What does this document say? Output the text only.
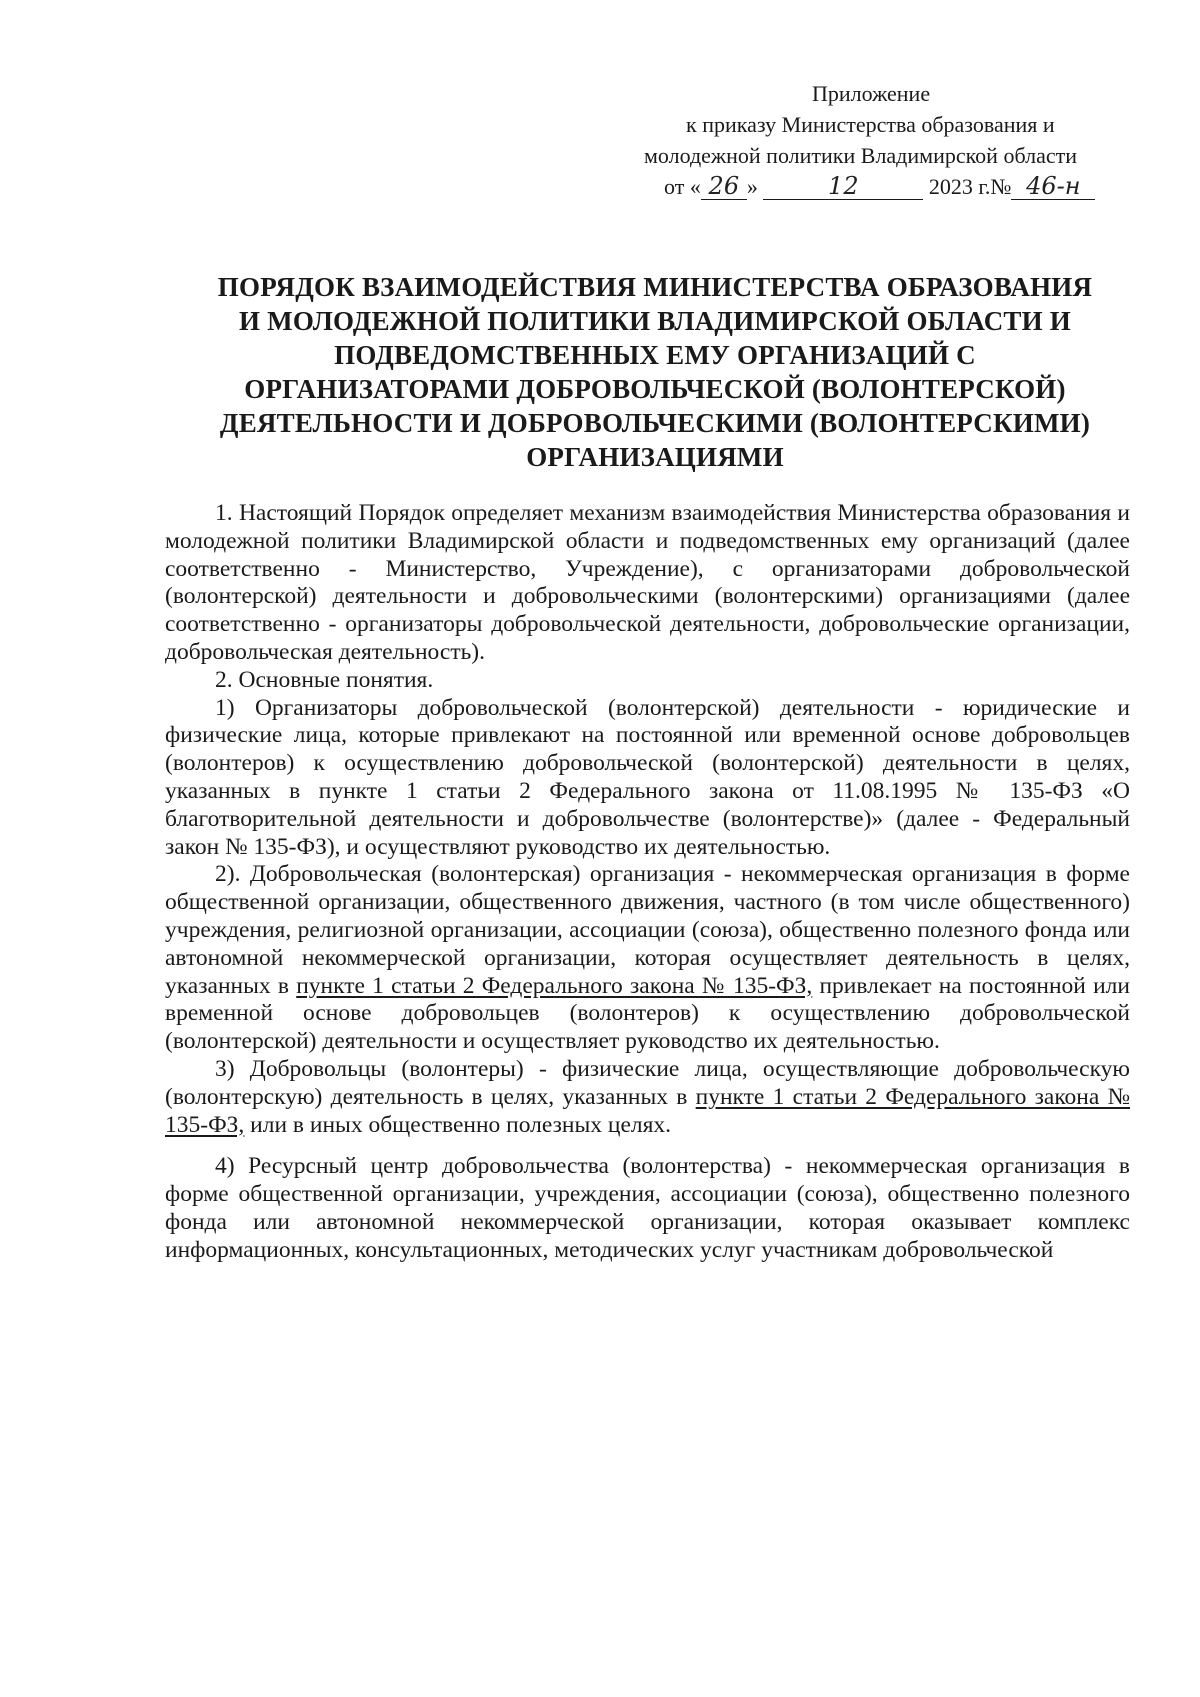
Приложение
к приказу Министерства образования и
молодежной политики Владимирской области
от « 26 »	12	2023 г.№ 46-н
ПОРЯДОК ВЗАИМОДЕЙСТВИЯ МИНИСТЕРСТВА ОБРАЗОВАНИЯ
И МОЛОДЕЖНОЙ ПОЛИТИКИ ВЛАДИМИРСКОЙ ОБЛАСТИ И
ПОДВЕДОМСТВЕННЫХ ЕМУ ОРГАНИЗАЦИЙ С
ОРГАНИЗАТОРАМИ ДОБРОВОЛЬЧЕСКОЙ (ВОЛОНТЕРСКОЙ)
ДЕЯТЕЛЬНОСТИ И ДОБРОВОЛЬЧЕСКИМИ (ВОЛОНТЕРСКИМИ)
ОРГАНИЗАЦИЯМИ

1. Настоящий Порядок определяет механизм взаимодействия Министерства образования и молодежной политики Владимирской области и подведомственных ему организаций (далее соответственно - Министерство, Учреждение), с организаторами добровольческой (волонтерской) деятельности и добровольческими (волонтерскими) организациями (далее соответственно - организаторы добровольческой деятельности, добровольческие организации, добровольческая деятельность).

2. Основные понятия.

1) Организаторы добровольческой (волонтерской) деятельности - юридические и физические лица, которые привлекают на постоянной или временной основе добровольцев (волонтеров) к осуществлению добровольческой (волонтерской) деятельности в целях, указанных в пункте 1 статьи 2 Федерального закона от 11.08.1995 № 135-ФЗ «О благотворительной деятельности и добровольчестве (волонтерстве)» (далее - Федеральный закон № 135-ФЗ), и осуществляют руководство их деятельностью.

2). Добровольческая (волонтерская) организация - некоммерческая организация в форме общественной организации, общественного движения, частного (в том числе общественного) учреждения, религиозной организации, ассоциации (союза), общественно полезного фонда или автономной некоммерческой организации, которая осуществляет деятельность в целях, указанных в пункте 1 статьи 2 Федерального закона № 135-ФЗ, привлекает на постоянной или временной основе добровольцев (волонтеров) к осуществлению добровольческой (волонтерской) деятельности и осуществляет руководство их деятельностью.

3) Добровольцы (волонтеры) - физические лица, осуществляющие добровольческую (волонтерскую) деятельность в целях, указанных в пункте 1 статьи 2 Федерального закона № 135-ФЗ, или в иных общественно полезных целях.

4) Ресурсный центр добровольчества (волонтерства) - некоммерческая организация в форме общественной организации, учреждения, ассоциации (союза), общественно полезного фонда или автономной некоммерческой организации, которая оказывает комплекс информационных, консультационных, методических услуг участникам добровольческой
